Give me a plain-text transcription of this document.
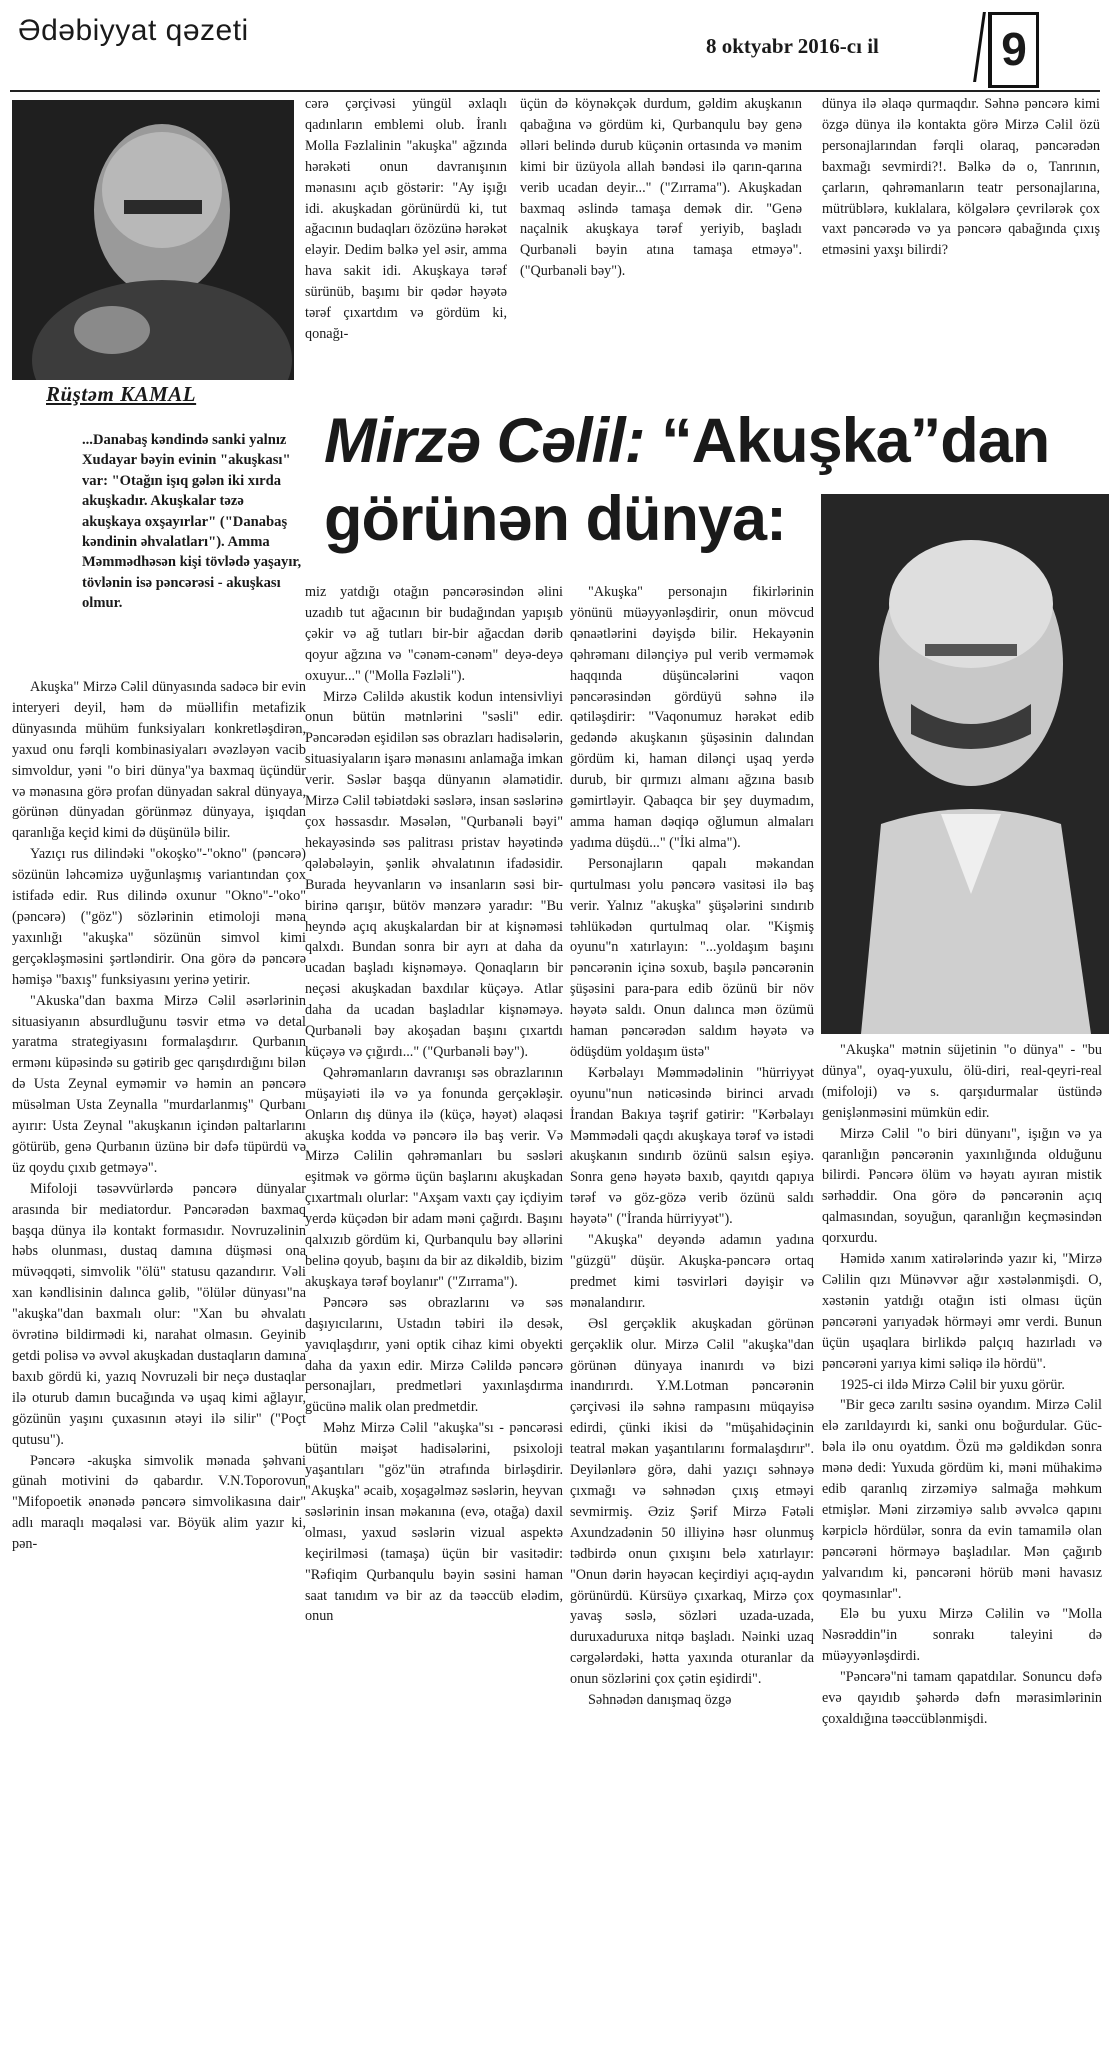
Ədəbiyyat qəzeti	8 oktyabr 2016-cı il	9
Rüştəm KAMAL
...Danabaş kəndində sanki yalnız Xudayar bəyin evinin "akuşkası" var: "Otağın işıq gələn iki xırda akuşkadır. Akuşkalar təzə akuşkaya oxşayırlar" ("Danabaş kəndinin əhvalatları"). Amma Məmmədhəsən kişi tövlədə yaşayır, tövlənin isə pəncərəsi - akuşkası olmur.

cərə çərçivəsi yüngül əxlaqlı qadınların emblemi olub. İranlı Molla Fəzlalinin "akuşka" ağzında hərəkəti onun davranışının mənasını açıb göstərir: "Ay işığı idi. akuşkadan görünürdü ki, tut ağacının budaqları özözünə hərəkət eləyir. Dedim bəlkə yel əsir, amma hava sakit idi. Akuşkaya tərəf sürünüb, başımı bir qədər həyətə tərəf çıxartdım və gördüm ki, qonağı-

üçün də köynəkçək durdum, gəldim akuşkanın qabağına və gördüm ki, Qurbanqulu bəy genə əlləri belində durub küçənin ortasında və mənim kimi bir üzüyola allah bəndəsi ilə qarın-qarına verib ucadan deyir..." ("Zırrama"). Akuşkadan baxmaq əslində tamaşa demək dir. "Genə naçalnik akuşkaya tərəf yeriyib, başladı Qurbanəli bəyin atına tamaşa etməyə". ("Qurbanəli bəy").

dünya ilə əlaqə qurmaqdır. Səhnə pəncərə kimi özgə dünya ilə kontakta görə Mirzə Cəlil özü personajlarından fərqli olaraq, pəncərədən baxmağı sevmirdi?!. Bəlkə də o, Tanrının, çarların, qəhrəmanların teatr personajlarına, mütrüblərə, kuklalara, kölgələrə çevrilərək çox vaxt pəncərədə və ya pəncərə qabağında çıxış etməsini yaxşı bilirdi?

Mirzə Cəlil: “Akuşka”dan görünən dünya:

Akuşka" Mirzə Cəlil dünyasında sadəcə bir evin interyeri deyil, həm də müəllifin metafizik dünyasında mühüm funksiyaları konkretləşdirən, yaxud onu fərqli kombinasiyaları əvəzləyən vacib simvoldur, yəni "o biri dünya"ya baxmaq üçündür və mənasına görə profan dünyadan sakral dünyaya, görünən dünyadan görünməz dünyaya, işıqdan qaranlığa keçid kimi də düşünülə bilir.

Yazıçı rus dilindəki "okoşko"-"okno" (pəncərə) sözünün ləhcəmizə uyğunlaşmış variantından çox istifadə edir. Rus dilində oxunur "Okno"-"oko" (pəncərə) ("göz") sözlərinin etimoloji məna yaxınlığı "akuşka" sözünün simvol kimi gerçəkləşməsini şərtləndirir. Ona görə də pəncərə həmişə "baxış" funksiyasını yerinə yetirir.

"Akuska"dan baxma Mirzə Cəlil əsərlərinin situasiyanın absurdluğunu təsvir etmə və detal yaratma strategiyasını formalaşdırır. Qurbanın ermənı küpəsində su gətirib gec qarışdırdığını bilən də Usta Zeynal eyməmir və həmin an pəncərə müsəlman Usta Zeynalla "murdarlanmış" Qurbanı ayırır: Usta Zeynal "akuşkanın içindən paltarlarını götürüb, genə Qurbanın üzünə bir dəfə tüpürdü və üz qoydu çıxıb getməyə".

Mifoloji təsəvvürlərdə pəncərə dünyalar arasında bir mediatordur. Pəncərədən baxmaq başqa dünya ilə kontakt formasıdır. Novruzəlinin həbs olunması, dustaq damına düşməsi ona müvəqqəti, simvolik "ölü" statusu qazandırır. Vəli xan kəndlisinin dalınca gəlib, "ölülər dünyası"na "akuşka"dan baxmalı olur: "Xan bu əhvalatı övrətinə bildirmədi ki, narahat olmasın. Geyinib getdi polisə və əvvəl akuşkadan dustaqların damına baxıb gördü ki, yazıq Novruzəli bir neçə dustaqlar ilə oturub damın bucağında və uşaq kimi ağlayır, gözünün yaşını çuxasının ətəyi ilə silir" ("Poçt qutusu").

Pəncərə -akuşka simvolik mənada şəhvani günah motivini də qabardır. V.N.Toporovun "Mifopoetik ənənədə pəncərə simvolikasına dair" adlı maraqlı məqaləsi var. Böyük alim yazır ki, pən-

miz yatdığı otağın pəncərəsindən əlini uzadıb tut ağacının bir budağından yapışıb çəkir və ağ tutları bir-bir ağacdan dərib qoyur ağzına və "cənəm-cənəm" deyə-deyə oxuyur..." ("Molla Fəzləli").

Mirzə Cəlildə akustik kodun intensivliyi onun bütün mətnlərini "səsli" edir. Pəncərədən eşidilən səs obrazları hadisələrin, situasiyaların işarə mənasını anlamağa imkan verir. Səslər başqa dünyanın əlamətidir. Mirzə Cəlil təbiətdəki səslərə, insan səslərinə çox həssasdır. Məsələn, "Qurbanəli bəyi" hekayəsində səs palitrası pristav həyətində qələbələyin, şənlik əhvalatının ifadəsidir. Burada heyvanların və insanların səsi bir-birinə qarışır, bütöv mənzərə yaradır: "Bu heyndə açıq akuşkalardan bir at kişnəməsi qalxdı. Bundan sonra bir ayrı at daha da ucadan başladı kişnəməyə. Qonaqların bir neçəsi akuşkadan baxdılar küçəyə. Atlar daha da ucadan başladılar kişnəməyə. Qurbanəli bəy akoşadan başını çıxartdı küçəyə və çığırdı..." ("Qurbanəli bəy").

Qəhrəmanların davranışı səs obrazlarının müşayiəti ilə və ya fonunda gerçəkləşir. Onların dış dünya ilə (küçə, həyət) əlaqəsi akuşka kodda və pəncərə ilə baş verir. Və Mirzə Cəlilin qəhrəmanları bu səsləri eşitmək və görmə üçün başlarını akuşkadan çıxartmalı olurlar: "Axşam vaxtı çay içdiyim yerdə küçədən bir adam məni çağırdı. Başını qalxızıb gördüm ki, Qurbanqulu bəy əllərini belinə qoyub, başını da bir az dikəldib, bizim akuşkaya tərəf boylanır" ("Zırrama").

Pəncərə səs obrazlarını və səs daşıyıcılarını, Ustadın təbiri ilə desək, yavıqlaşdırır, yəni optik cihaz kimi obyekti daha da yaxın edir. Mirzə Cəlildə pəncərə personajları, predmetləri yaxınlaşdırma gücünə malik olan predmetdir.

Məhz Mirzə Cəlil "akuşka"sı - pəncərəsi bütün məişət hadisələrini, psixoloji yaşantıları "göz"ün ətrafında birləşdirir. "Akuşka" əcaib, xoşagəlməz səslərin, heyvan səslərinin insan məkanına (evə, otağa) daxil olması, yaxud səslərin vizual aspektə keçirilməsi (tamaşa) üçün bir vasitədir: "Rəfiqim Qurbanqulu bəyin səsini haman saat tanıdım və bir az da təəccüb elədim, onun

"Akuşka" personajın fikirlərinin yönünü müəyyənləşdirir, onun mövcud qənaətlərini dəyişdə bilir. Hekayənin qəhrəmanı dilənçiyə pul verib verməmək haqqında düşüncələrini vaqon pəncərəsindən gördüyü səhnə ilə qətiləşdirir: "Vaqonumuz hərəkət edib gedəndə akuşkanın şüşəsinin dalından gördüm ki, haman dilənçi uşaq yerdə durub, bir qırmızı almanı ağzına basıb gəmirtləyir. Qabaqca bir şey duymadım, amma haman dəqiqə oğlumun almaları yadıma düşdü..." ("İki alma").

Personajların qapalı məkandan qurtulması yolu pəncərə vasitəsi ilə baş verir. Yalnız "akuşka" şüşələrini sındırıb təhlükədən qurtulmaq olar. "Kişmiş oyunu"n xatırlayın: "...yoldaşım başını pəncərənin içinə soxub, başılə pəncərənin şüşəsini para-para edib özünü bir növ həyətə saldı. Onun dalınca mən özümü haman pəncərədən saldım həyətə və ödüşdüm yoldaşım üstə"

Kərbəlayı Məmmədəlinin "hürriyyət oyunu"nun nəticəsində birinci arvadı İrandan Bakıya təşrif gətirir: "Kərbəlayı Məmmədəli qaçdı akuşkaya tərəf və istədi akuşkanın sındırıb özünü salsın eşiyə. Sonra genə həyətə baxıb, qayıtdı qapıya tərəf və göz-gözə verib özünü saldı həyətə" ("İranda hürriyyət").

"Akuşka" deyəndə adamın yadına "güzgü" düşür. Akuşka-pəncərə ortaq predmet kimi təsvirləri dəyişir və mənalandırır.

Əsl gerçəklik akuşkadan görünən gerçəklik olur. Mirzə Cəlil "akuşka"dan görünən dünyaya inanırdı və bizi inandırırdı. Y.M.Lotman pəncərənin çərçivəsi ilə səhnə rampasını müqayisə edirdi, çünki ikisi də "müşahidəçinin teatral məkan yaşantılarını formalaşdırır". Deyilənlərə görə, dahi yazıçı səhnəyə çıxmağı və səhnədən çıxış etməyi sevmirmiş. Əziz Şərif Mirzə Fətəli Axundzadənin 50 illiyinə həsr olunmuş tədbirdə onun çıxışını belə xatırlayır: "Onun dərin həyəcan keçirdiyi açıq-aydın görünürdü. Kürsüyə çıxarkaq, Mirzə çox yavaş səslə, sözləri uzada-uzada, duruxaduruxa nitqə başladı. Nəinki uzaq cərgələrdəki, hətta yaxında oturanlar da onun sözlərini çox çətin eşidirdi".

Səhnədən danışmaq özgə

"Akuşka" mətnin süjetinin "o dünya" - "bu dünya", oyaq-yuxulu, ölü-diri, real-qeyri-real (mifoloji) və s. qarşıdurmalar üstündə genişlənməsini mümkün edir.

Mirzə Cəlil "o biri dünyanı", işığın və ya qaranlığın pəncərənin yaxınlığında olduğunu bilirdi. Pəncərə ölüm və həyatı ayıran mistik sərhəddir. Ona görə də pəncərənin açıq qalmasından, soyuğun, qaranlığın keçməsindən qorxurdu.

Həmidə xanım xatirələrində yazır ki, "Mirzə Cəlilin qızı Münəvvər ağır xəstələnmişdi. O, xəstənin yatdığı otağın isti olması üçün pəncərəni yarıyadək hörməyi əmr verdi. Bunun üçün uşaqlara birlikdə palçıq hazırladı və pəncərəni yarıya kimi səliqə ilə hördü".

1925-ci ildə Mirzə Cəlil bir yuxu görür.

"Bir gecə zarıltı səsinə oyandım. Mirzə Cəlil elə zarıldayırdı ki, sanki onu boğurdular. Güc-bəla ilə onu oyatdım. Özü mə gəldikdən sonra mənə dedi: Yuxuda gördüm ki, məni mühakimə edib qaranlıq zirzəmiyə salmağa məhkum etmişlər. Məni zirzəmiyə salıb əvvəlcə qapını kərpiclə hördülər, sonra da evin tamamilə olan pəncərəni hörməyə başladılar. Mən çağırıb yalvarıdım ki, pəncərəni hörüb məni havasız qoymasınlar".

Elə bu yuxu Mirzə Cəlilin və "Molla Nəsrəddin"in sonrakı taleyini də müəyyənləşdirdi.

"Pəncərə"ni tamam qapatdılar. Sonuncu dəfə evə qayıdıb şəhərdə dəfn mərasimlərinin çoxaldığına təəccüblənmişdi.
